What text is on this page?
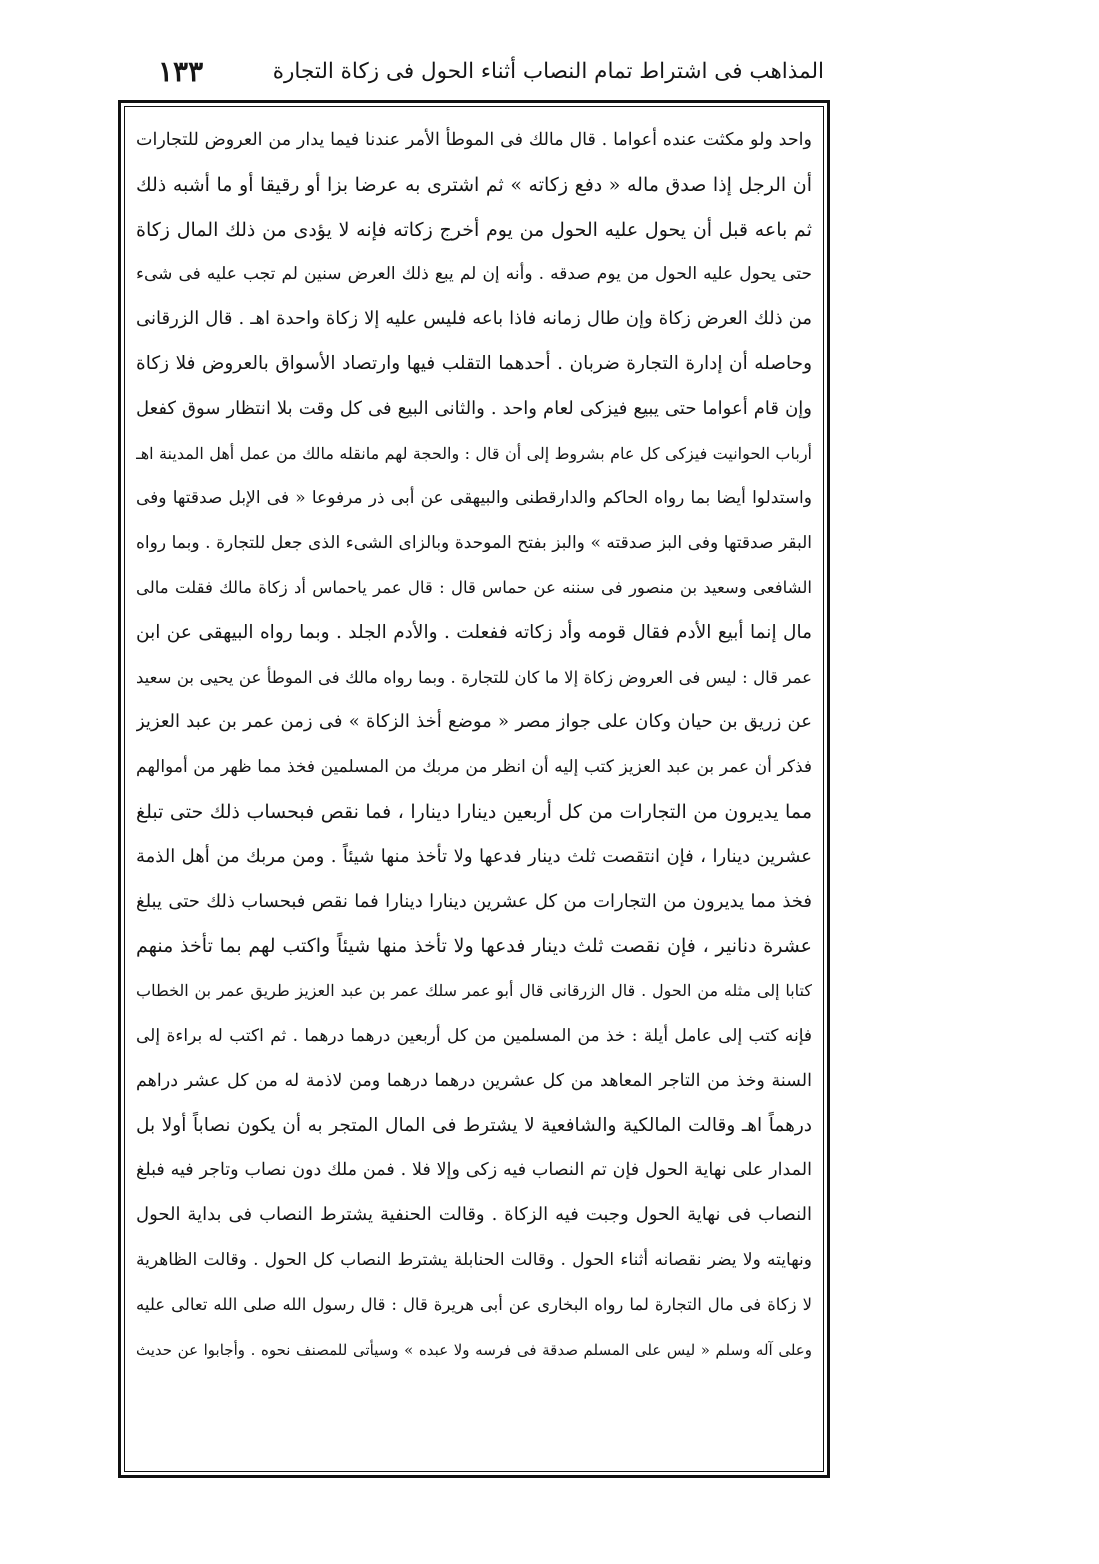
المذاهب فى اشتراط تمام النصاب أثناء الحول فى زكاة التجارة
١٣٣
واحد ولو مكثت عنده أعواما . قال مالك فى الموطأ الأمر عندنا فيما يدار من العروض للتجارات
أن الرجل إذا صدق ماله « دفع زكاته » ثم اشترى به عرضا بزا أو رقيقا أو ما أشبه ذلك
ثم باعه قبل أن يحول عليه الحول من يوم أخرج زكاته فإنه لا يؤدى من ذلك المال زكاة
حتى يحول عليه الحول من يوم صدقه . وأنه إن لم يبع ذلك العرض سنين لم تجب عليه فى شىء
من ذلك العرض زكاة وإن طال زمانه فاذا باعه فليس عليه إلا زكاة واحدة اهـ . قال الزرقانى
وحاصله أن إدارة التجارة ضربان . أحدهما التقلب فيها وارتصاد الأسواق بالعروض فلا زكاة
وإن قام أعواما حتى يبيع فيزكى لعام واحد . والثانى البيع فى كل وقت بلا انتظار سوق كفعل
أرباب الحوانيت فيزكى كل عام بشروط إلى أن قال : والحجة لهم مانقله مالك من عمل أهل المدينة اهـ
واستدلوا أيضا بما رواه الحاكم والدارقطنى والبيهقى عن أبى ذر مرفوعا « فى الإبل صدقتها وفى
البقر صدقتها وفى البز صدقته » والبز بفتح الموحدة وبالزاى الشىء الذى جعل للتجارة . وبما رواه
الشافعى وسعيد بن منصور فى سننه عن حماس قال : قال عمر ياحماس أد زكاة مالك فقلت مالى
مال إنما أبيع الأدم فقال قومه وأد زكاته ففعلت . والأدم الجلد . وبما رواه البيهقى عن ابن
عمر قال : ليس فى العروض زكاة إلا ما كان للتجارة . وبما رواه مالك فى الموطأ عن يحيى بن سعيد
عن زريق بن حيان وكان على جواز مصر « موضع أخذ الزكاة » فى زمن عمر بن عبد العزيز
فذكر أن عمر بن عبد العزيز كتب إليه أن انظر من مربك من المسلمين فخذ مما ظهر من أموالهم
مما يديرون من التجارات من كل أربعين دينارا دينارا ، فما نقص فبحساب ذلك حتى تبلغ
عشرين دينارا ، فإن انتقصت ثلث دينار فدعها ولا تأخذ منها شيئاً . ومن مربك من أهل الذمة
فخذ مما يديرون من التجارات من كل عشرين دينارا دينارا فما نقص فبحساب ذلك حتى يبلغ
عشرة دنانير ، فإن نقصت ثلث دينار فدعها ولا تأخذ منها شيئاً واكتب لهم بما تأخذ منهم
كتابا إلى مثله من الحول . قال الزرقانى قال أبو عمر سلك عمر بن عبد العزيز طريق عمر بن الخطاب
فإنه كتب إلى عامل أيلة : خذ من المسلمين من كل أربعين درهما درهما . ثم اكتب له براءة إلى
السنة وخذ من التاجر المعاهد من كل عشرين درهما درهما ومن لاذمة له من كل عشر دراهم
درهماً اهـ وقالت المالكية والشافعية لا يشترط فى المال المتجر به أن يكون نصاباً أولا بل
المدار على نهاية الحول فإن تم النصاب فيه زكى وإلا فلا . فمن ملك دون نصاب وتاجر فيه فبلغ
النصاب فى نهاية الحول وجبت فيه الزكاة . وقالت الحنفية يشترط النصاب فى بداية الحول
ونهايته ولا يضر نقصانه أثناء الحول . وقالت الحنابلة يشترط النصاب كل الحول . وقالت الظاهرية
لا زكاة فى مال التجارة لما رواه البخارى عن أبى هريرة قال : قال رسول الله صلى الله تعالى عليه
وعلى آله وسلم « ليس على المسلم صدقة فى فرسه ولا عبده » وسيأتى للمصنف نحوه . وأجابوا عن حديث
